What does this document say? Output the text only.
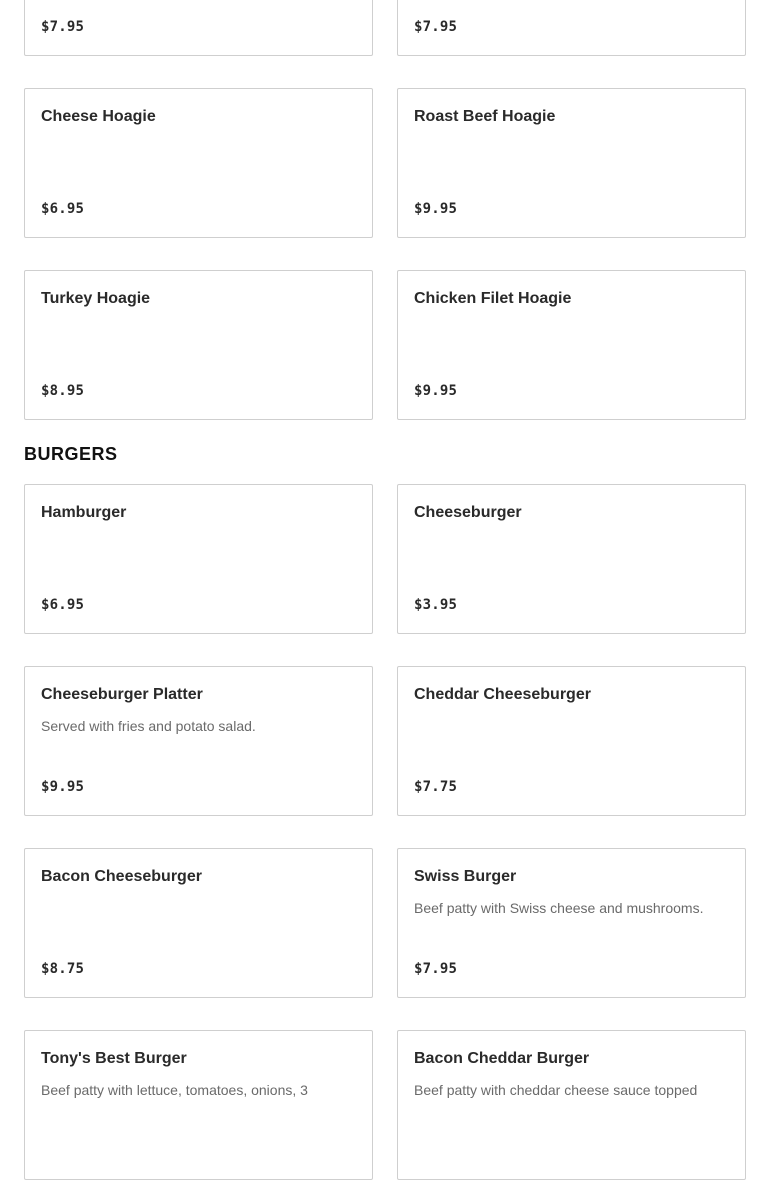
$7.95	$7.95
Cheese Hoagie
$6.95
Roast Beef Hoagie
$9.95
Turkey Hoagie
$8.95
Chicken Filet Hoagie
$9.95
BURGERS
Hamburger
$6.95
Cheeseburger
$3.95
Cheeseburger Platter
Served with fries and potato salad.
$9.95
Cheddar Cheeseburger
$7.75
Bacon Cheeseburger
$8.75
Swiss Burger
Beef patty with Swiss cheese and mushrooms.
$7.95
Tony's Best Burger
Beef patty with lettuce, tomatoes, onions, 3
Bacon Cheddar Burger
Beef patty with cheddar cheese sauce topped
